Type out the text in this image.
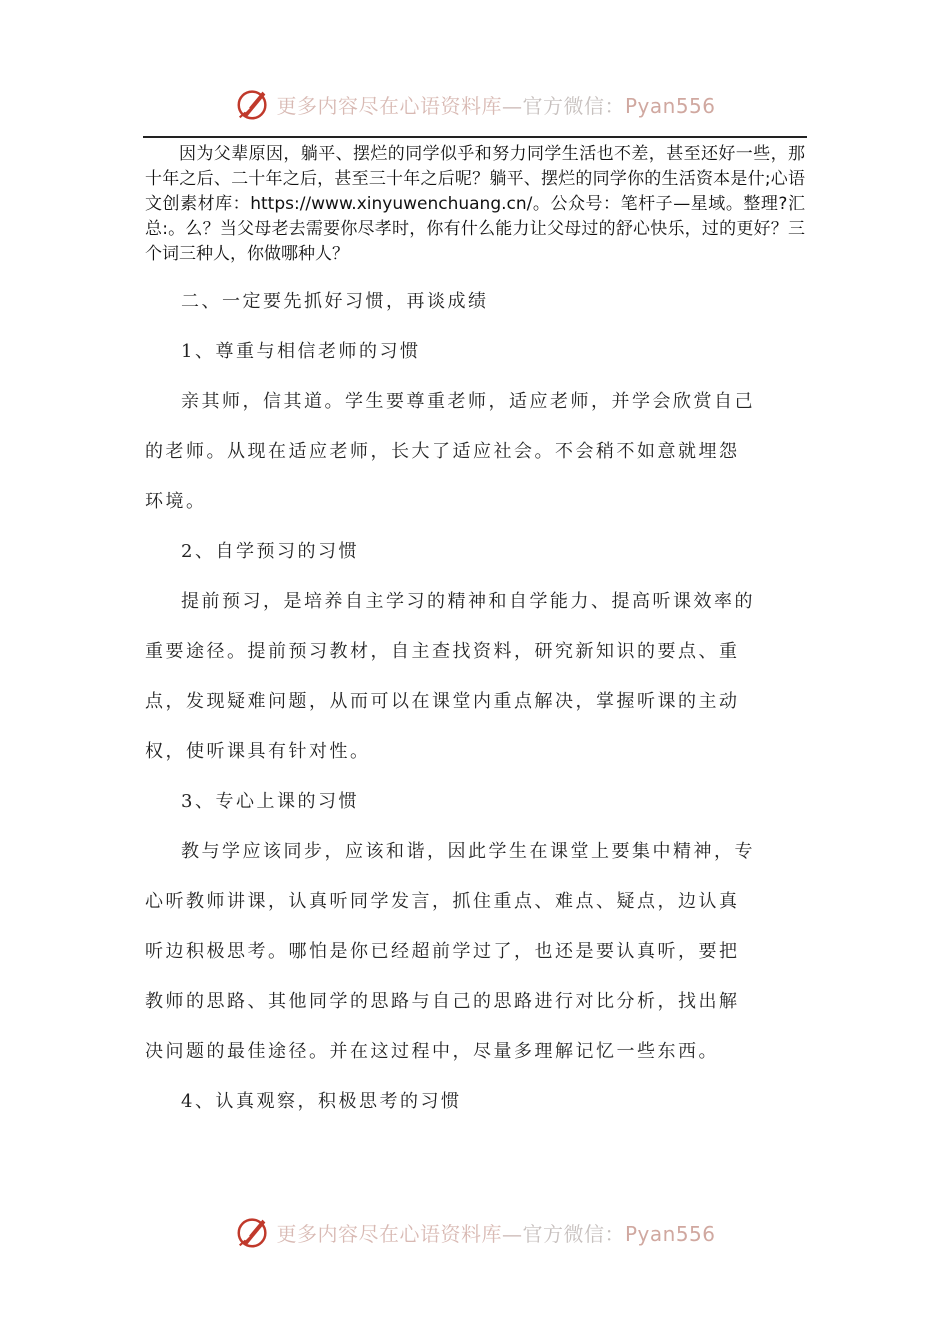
更多内容尽在心语资料库—官方微信：Pyan556

因为父辈原因，躺平、摆烂的同学似乎和努力同学生活也不差，甚至还好一些，那十年之后、二十年之后，甚至三十年之后呢？躺平、摆烂的同学你的生活资本是什;心语文创素材库：https://www.xinyuwenchuang.cn/。公众号：笔杆子—星域。整理?汇总:。么？当父母老去需要你尽孝时，你有什么能力让父母过的舒心快乐，过的更好？三个词三种人，你做哪种人？

二、一定要先抓好习惯，再谈成绩

1、尊重与相信老师的习惯

亲其师，信其道。学生要尊重老师，适应老师，并学会欣赏自己

的老师。从现在适应老师，长大了适应社会。不会稍不如意就埋怨

环境。

2、自学预习的习惯

提前预习，是培养自主学习的精神和自学能力、提高听课效率的

重要途径。提前预习教材，自主查找资料，研究新知识的要点、重

点，发现疑难问题，从而可以在课堂内重点解决，掌握听课的主动

权，使听课具有针对性。

3、专心上课的习惯

教与学应该同步，应该和谐，因此学生在课堂上要集中精神，专

心听教师讲课，认真听同学发言，抓住重点、难点、疑点，边认真

听边积极思考。哪怕是你已经超前学过了，也还是要认真听，要把

教师的思路、其他同学的思路与自己的思路进行对比分析，找出解

决问题的最佳途径。并在这过程中，尽量多理解记忆一些东西。

4、认真观察，积极思考的习惯

更多内容尽在心语资料库—官方微信：Pyan556
